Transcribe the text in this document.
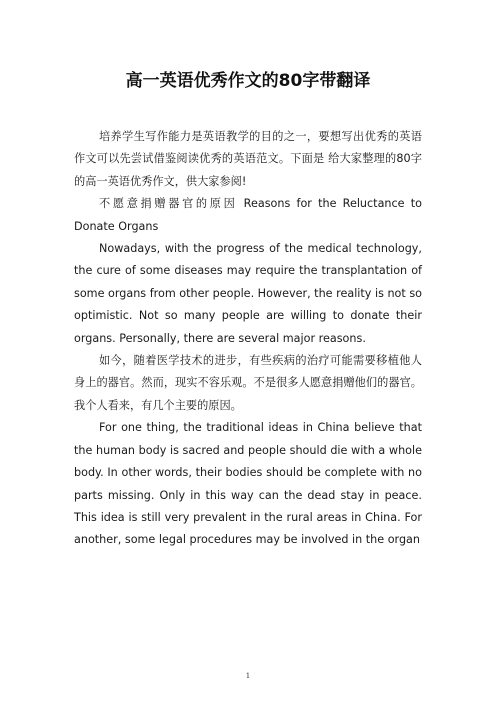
高一英语优秀作文的80字带翻译

培养学生写作能力是英语教学的目的之一，要想写出优秀的英语作文可以先尝试借鉴阅读优秀的英语范文。下面是 给大家整理的80字的高一英语优秀作文，供大家参阅!

不愿意捐赠器官的原因 Reasons for the Reluctance to Donate Organs

Nowadays, with the progress of the medical technology, the cure of some diseases may require the transplantation of some organs from other people. However, the reality is not so optimistic. Not so many people are willing to donate their organs. Personally, there are several major reasons.

如今，随着医学技术的进步，有些疾病的治疗可能需要移植他人身上的器官。然而，现实不容乐观。不是很多人愿意捐赠他们的器官。我个人看来，有几个主要的原因。

For one thing, the traditional ideas in China believe that the human body is sacred and people should die with a whole body. In other words, their bodies should be complete with no parts missing. Only in this way can the dead stay in peace. This idea is still very prevalent in the rural areas in China. For another, some legal procedures may be involved in the organ

1
